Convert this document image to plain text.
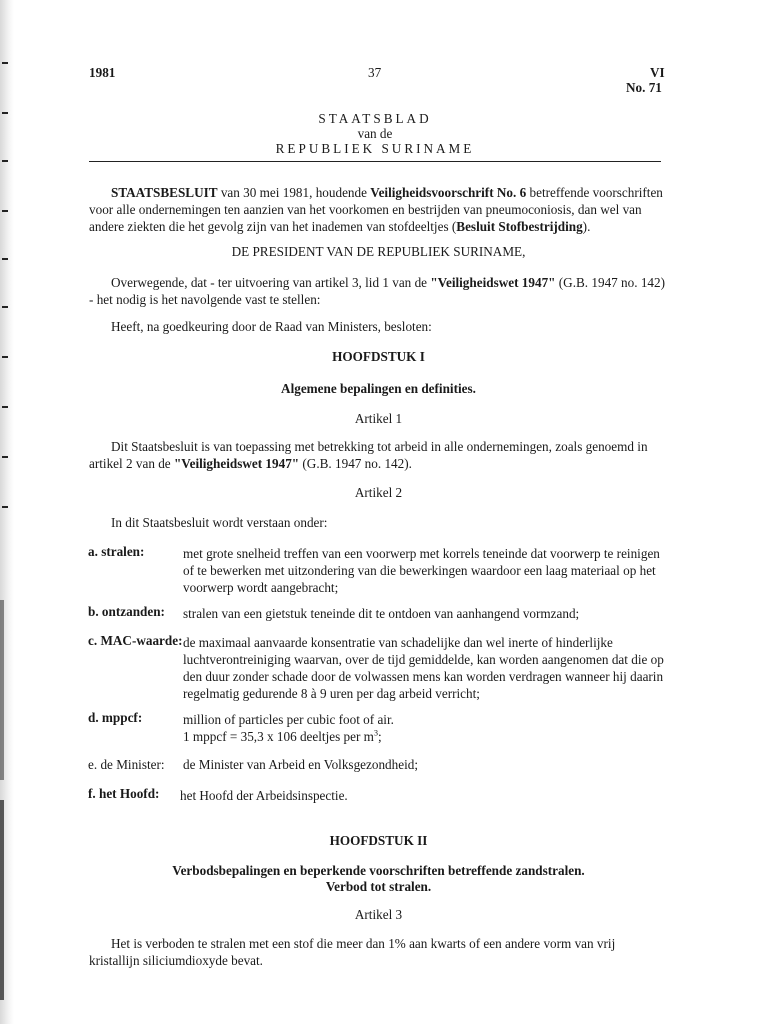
1981	37	VI
No. 71
STAATSBLAD
van de
REPUBLIEK SURINAME
STAATSBESLUIT van 30 mei 1981, houdende Veiligheidsvoorschrift No. 6 betreffende voorschriften voor alle ondernemingen ten aanzien van het voorkomen en bestrijden van pneumoconiosis, dan wel van andere ziekten die het gevolg zijn van het inademen van stofdeeltjes (Besluit Stofbestrijding).
DE PRESIDENT VAN DE REPUBLIEK SURINAME,
Overwegende, dat - ter uitvoering van artikel 3, lid 1 van de "Veiligheidswet 1947" (G.B. 1947 no. 142) - het nodig is het navolgende vast te stellen:
Heeft, na goedkeuring door de Raad van Ministers, besloten:
HOOFDSTUK I
Algemene bepalingen en definities.
Artikel 1
Dit Staatsbesluit is van toepassing met betrekking tot arbeid in alle ondernemingen, zoals genoemd in artikel 2 van de "Veiligheidswet 1947" (G.B. 1947 no. 142).
Artikel 2
In dit Staatsbesluit wordt verstaan onder:
a. stralen:	met grote snelheid treffen van een voorwerp met korrels teneinde dat voorwerp te reinigen of te bewerken met uitzondering van die bewerkingen waardoor een laag materiaal op het voorwerp wordt aangebracht;
b. ontzanden: stralen van een gietstuk teneinde dit te ontdoen van aanhangend vormzand;
c. MAC-waarde: de maximaal aanvaarde konsentratie van schadelijke dan wel inerte of hinderlijke luchtverontreiniging waarvan, over de tijd gemiddelde, kan worden aangenomen dat die op den duur zonder schade door de volwassen mens kan worden verdragen wanneer hij daarin regelmatig gedurende 8 à 9 uren per dag arbeid verricht;
d. mppcf:	million of particles per cubic foot of air.
1 mppcf = 35,3 x 106 deeltjes per $m^3$;
e. de Minister: de Minister van Arbeid en Volksgezondheid;
f. het Hoofd: het Hoofd der Arbeidsinspectie.
HOOFDSTUK II
Verbodsbepalingen en beperkende voorschriften betreffende zandstralen.
Verbod tot stralen.
Artikel 3
Het is verboden te stralen met een stof die meer dan 1% aan kwarts of een andere vorm van vrij kristallijn siliciumdioxyde bevat.
